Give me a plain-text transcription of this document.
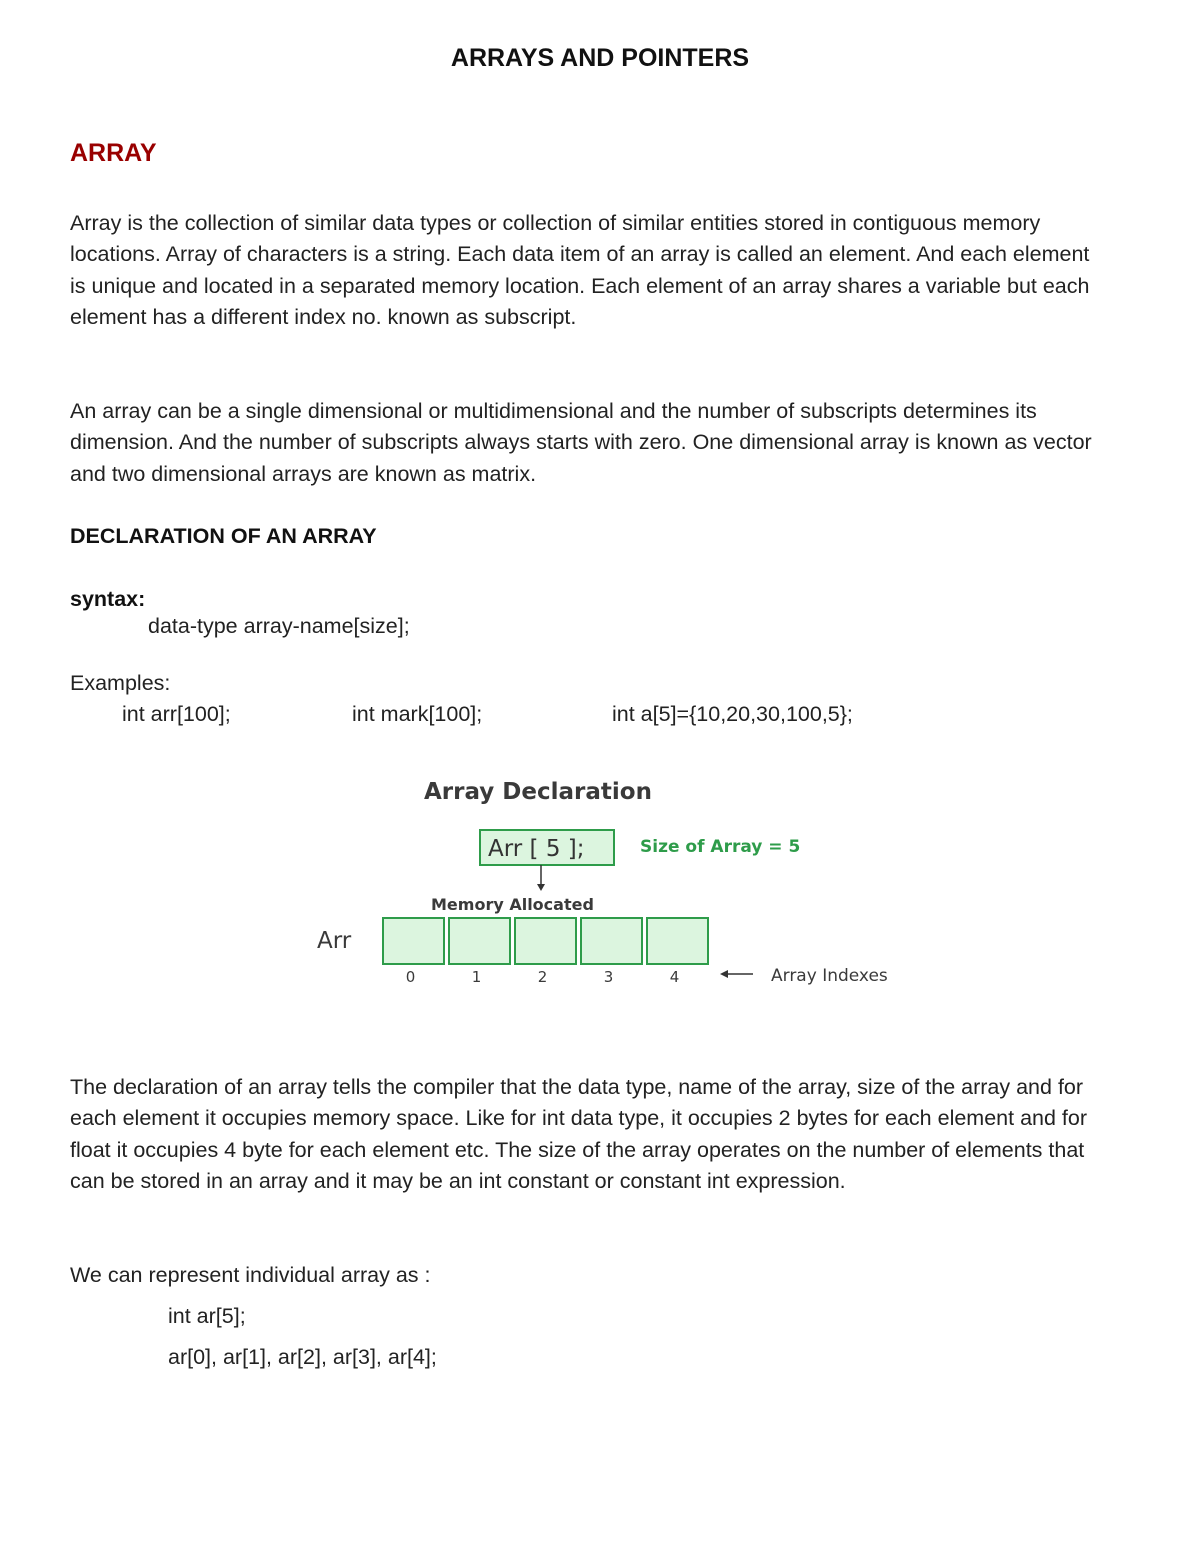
ARRAYS AND POINTERS
ARRAY

Array is the collection of similar data types or collection of similar entities stored in contiguous memory locations. Array of characters is a string. Each data item of an array is called an element. And each element is unique and located in a separated memory location. Each element of an array shares a variable but each element has a different index no. known as subscript.

An array can be a single dimensional or multidimensional and the number of subscripts determines its dimension. And the number of subscripts always starts with zero. One dimensional array is known as vector and two dimensional arrays are known as matrix.

DECLARATION OF AN ARRAY
syntax:
data-type array-name[size];
Examples:
int arr[100];	int mark[100];	int a[5]={10,20,30,100,5};
Array Declaration
Arr [ 5 ];	Size of Array = 5
Memory Allocated
Arr
0	1	2	3	4	Array Indexes

The declaration of an array tells the compiler that the data type, name of the array, size of the array and for each element it occupies memory space. Like for int data type, it occupies 2 bytes for each element and for float it occupies 4 byte for each element etc. The size of the array operates on the number of elements that can be stored in an array and it may be an int constant or constant int expression.

We can represent individual array as :
int ar[5];
ar[0], ar[1], ar[2], ar[3], ar[4];
